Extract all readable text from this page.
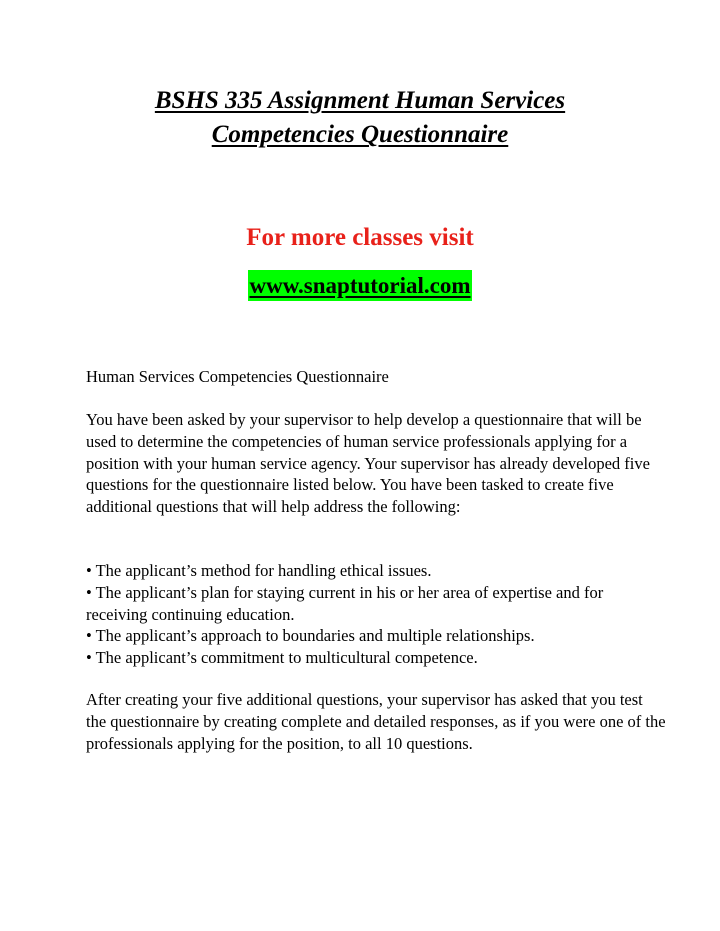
BSHS 335 Assignment Human Services
Competencies Questionnaire
For more classes visit
www.snaptutorial.com

Human Services Competencies Questionnaire

You have been asked by your supervisor to help develop a questionnaire that will be used to determine the competencies of human service professionals applying for a position with your human service agency. Your supervisor has already developed five questions for the questionnaire listed below. You have been tasked to create five additional questions that will help address the following:

• The applicant’s method for handling ethical issues.
• The applicant’s plan for staying current in his or her area of expertise and for receiving continuing education.
• The applicant’s approach to boundaries and multiple relationships.
• The applicant’s commitment to multicultural competence.

After creating your five additional questions, your supervisor has asked that you test the questionnaire by creating complete and detailed responses, as if you were one of the professionals applying for the position, to all 10 questions.
